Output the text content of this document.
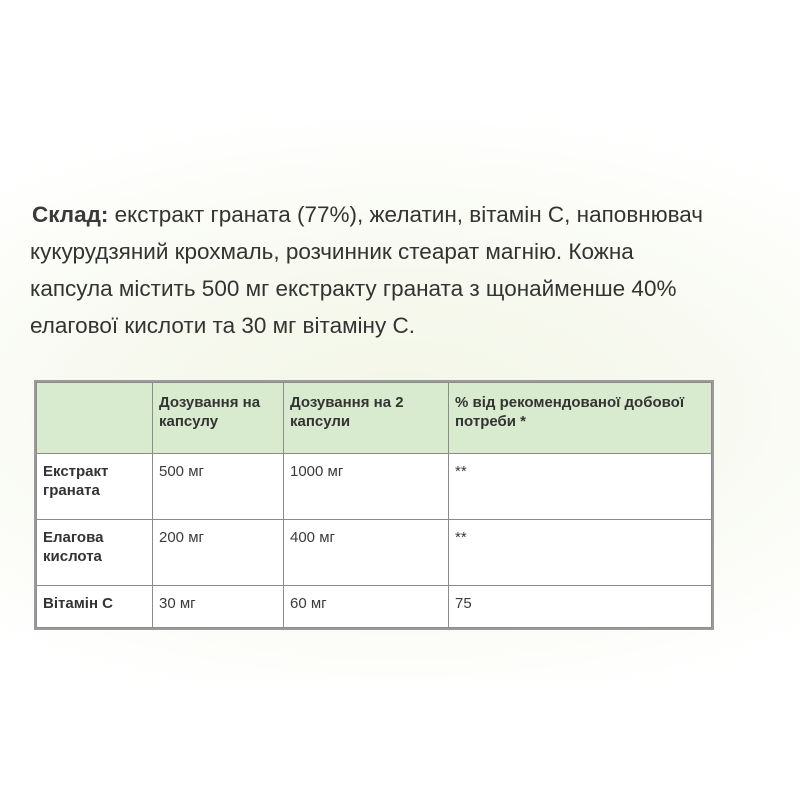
Склад: екстракт граната (77%), желатин, вітамін С, наповнювач
кукурудзяний крохмаль, розчинник стеарат магнію. Кожна
капсула містить 500 мг екстракту граната з щонайменше 40%
елагової кислоти та 30 мг вітаміну С.
	Дозування на капсулу	Дозування на 2 капсули	% від рекомендованої добової потреби *
Екстракт граната	500 мг	1000 мг	**
Елагова кислота	200 мг	400 мг	**
Вітамін С	30 мг	60 мг	75
